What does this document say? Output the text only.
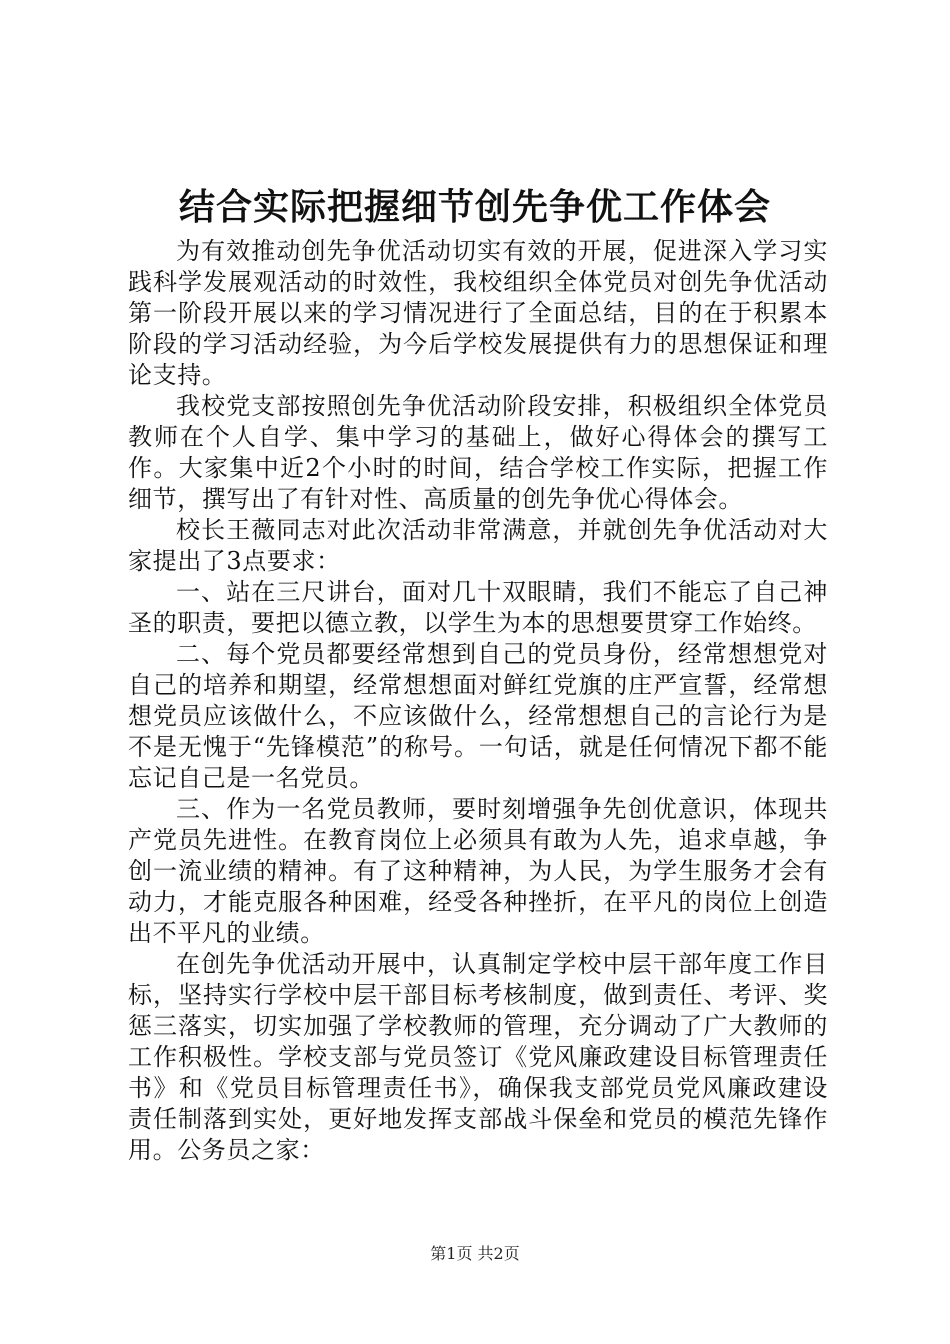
结合实际把握细节创先争优工作体会

为有效推动创先争优活动切实有效的开展，促进深入学习实践科学发展观活动的时效性，我校组织全体党员对创先争优活动第一阶段开展以来的学习情况进行了全面总结，目的在于积累本阶段的学习活动经验，为今后学校发展提供有力的思想保证和理论支持。

我校党支部按照创先争优活动阶段安排，积极组织全体党员教师在个人自学、集中学习的基础上，做好心得体会的撰写工作。大家集中近2个小时的时间，结合学校工作实际，把握工作细节，撰写出了有针对性、高质量的创先争优心得体会。

校长王薇同志对此次活动非常满意，并就创先争优活动对大家提出了3点要求：

一、站在三尺讲台，面对几十双眼睛，我们不能忘了自己神圣的职责，要把以德立教，以学生为本的思想要贯穿工作始终。

二、每个党员都要经常想到自己的党员身份，经常想想党对自己的培养和期望，经常想想面对鲜红党旗的庄严宣誓，经常想想党员应该做什么，不应该做什么，经常想想自己的言论行为是不是无愧于“先锋模范”的称号。一句话，就是任何情况下都不能忘记自己是一名党员。

三、作为一名党员教师，要时刻增强争先创优意识，体现共产党员先进性。在教育岗位上必须具有敢为人先，追求卓越，争创一流业绩的精神。有了这种精神，为人民，为学生服务才会有动力，才能克服各种困难，经受各种挫折，在平凡的岗位上创造出不平凡的业绩。

在创先争优活动开展中，认真制定学校中层干部年度工作目标，坚持实行学校中层干部目标考核制度，做到责任、考评、奖惩三落实，切实加强了学校教师的管理，充分调动了广大教师的工作积极性。学校支部与党员签订《党风廉政建设目标管理责任书》和《党员目标管理责任书》，确保我支部党员党风廉政建设责任制落到实处，更好地发挥支部战斗保垒和党员的模范先锋作用。公务员之家：

第1页 共2页
